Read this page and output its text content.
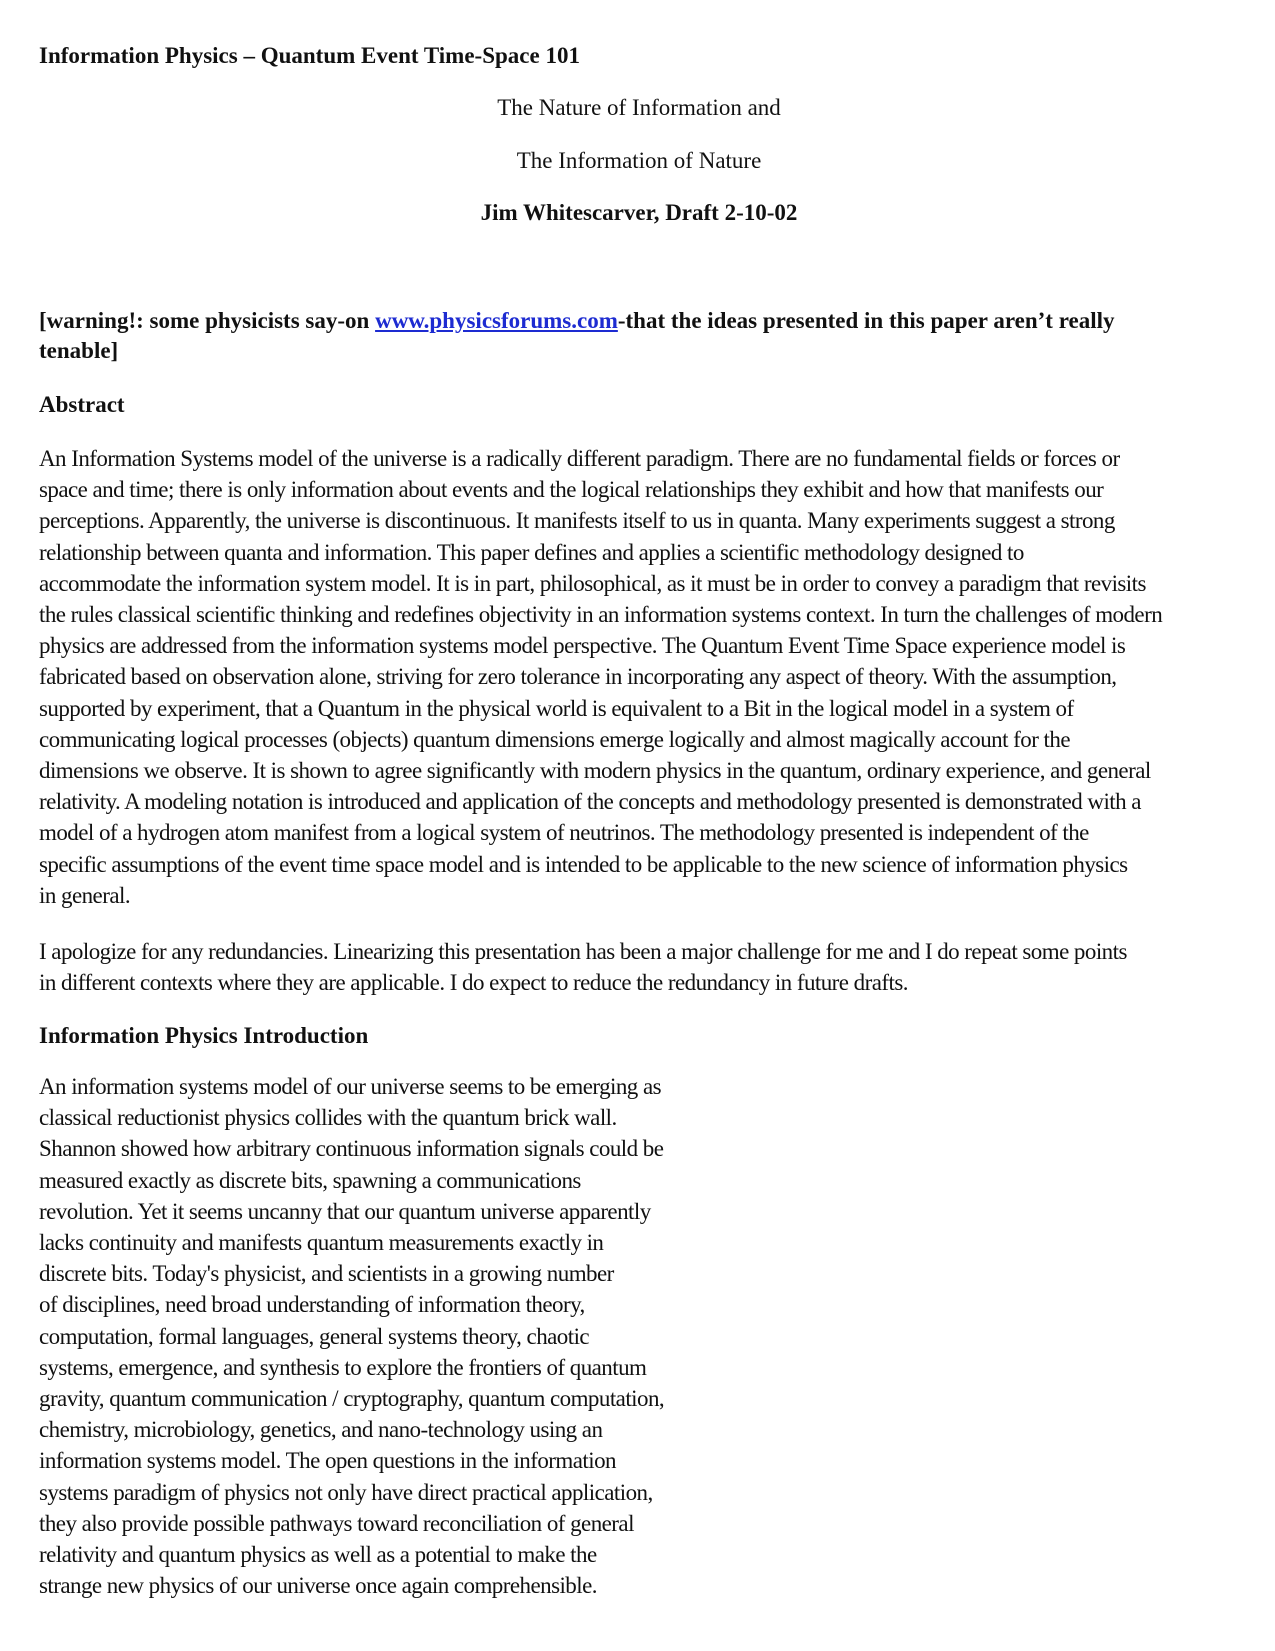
Information Physics – Quantum Event Time-Space 101

The Nature of Information and

The Information of Nature

Jim Whitescarver, Draft 2-10-02

[warning!: some physicists say-on www.physicsforums.com-that the ideas presented in this paper aren’t really
tenable]

Abstract

An Information Systems model of the universe is a radically different paradigm. There are no fundamental fields or forces or
space and time; there is only information about events and the logical relationships they exhibit and how that manifests our
perceptions. Apparently, the universe is discontinuous. It manifests itself to us in quanta. Many experiments suggest a strong
relationship between quanta and information. This paper defines and applies a scientific methodology designed to
accommodate the information system model. It is in part, philosophical, as it must be in order to convey a paradigm that revisits
the rules classical scientific thinking and redefines objectivity in an information systems context. In turn the challenges of modern
physics are addressed from the information systems model perspective. The Quantum Event Time Space experience model is
fabricated based on observation alone, striving for zero tolerance in incorporating any aspect of theory. With the assumption,
supported by experiment, that a Quantum in the physical world is equivalent to a Bit in the logical model in a system of
communicating logical processes (objects) quantum dimensions emerge logically and almost magically account for the
dimensions we observe. It is shown to agree significantly with modern physics in the quantum, ordinary experience, and general
relativity. A modeling notation is introduced and application of the concepts and methodology presented is demonstrated with a
model of a hydrogen atom manifest from a logical system of neutrinos. The methodology presented is independent of the
specific assumptions of the event time space model and is intended to be applicable to the new science of information physics
in general.

I apologize for any redundancies. Linearizing this presentation has been a major challenge for me and I do repeat some points
in different contexts where they are applicable. I do expect to reduce the redundancy in future drafts.

Information Physics Introduction

An information systems model of our universe seems to be emerging as
classical reductionist physics collides with the quantum brick wall.
Shannon showed how arbitrary continuous information signals could be
measured exactly as discrete bits, spawning a communications
revolution. Yet it seems uncanny that our quantum universe apparently
lacks continuity and manifests quantum measurements exactly in
discrete bits. Today's physicist, and scientists in a growing number
of disciplines, need broad understanding of information theory,
computation, formal languages, general systems theory, chaotic
systems, emergence, and synthesis to explore the frontiers of quantum
gravity, quantum communication / cryptography, quantum computation,
chemistry, microbiology, genetics, and nano-technology using an
information systems model. The open questions in the information
systems paradigm of physics not only have direct practical application,
they also provide possible pathways toward reconciliation of general
relativity and quantum physics as well as a potential to make the
strange new physics of our universe once again comprehensible.
